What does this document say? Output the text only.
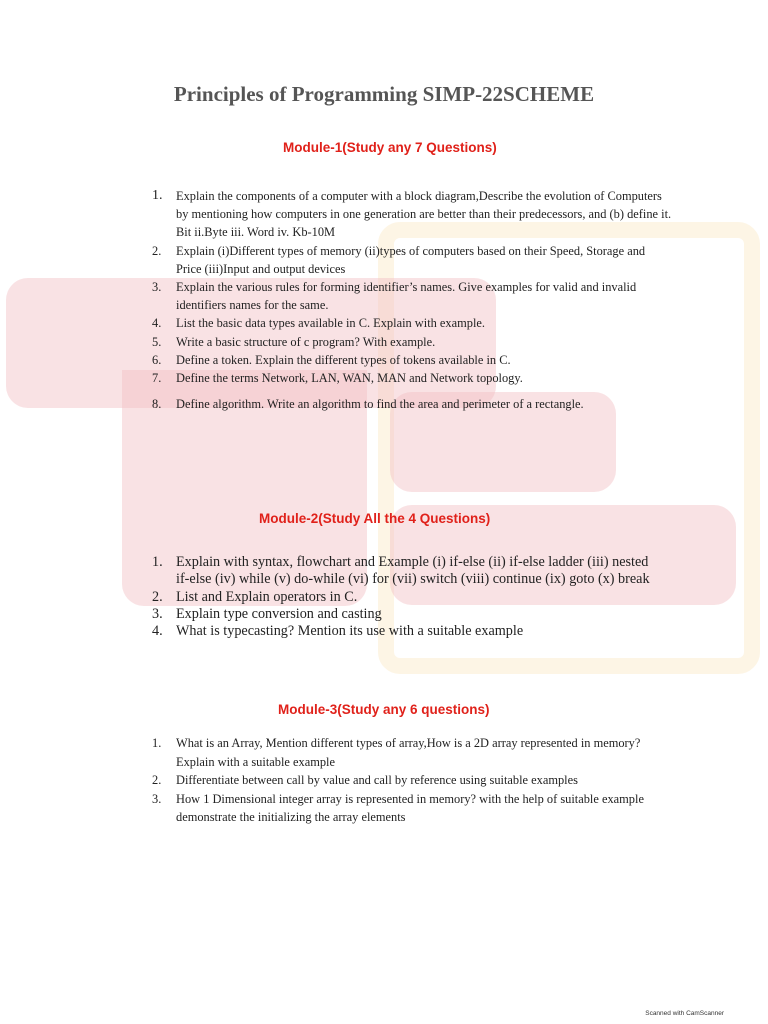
Principles of Programming SIMP-22SCHEME
Module-1(Study any 7 Questions)
1. Explain the components of a computer with a block diagram,Describe the evolution of Computers by mentioning how computers in one generation are better than their predecessors, and (b) define it. Bit ii.Byte iii. Word iv. Kb-10M
2. Explain (i)Different types of memory (ii)types of computers based on their Speed, Storage and Price (iii)Input and output devices
3. Explain the various rules for forming identifier’s names. Give examples for valid and invalid identifiers names for the same.
4. List the basic data types available in C. Explain with example.
5. Write a basic structure of c program? With example.
6. Define a token. Explain the different types of tokens available in C.
7. Define the terms Network, LAN, WAN, MAN and Network topology.
8. Define algorithm. Write an algorithm to find the area and perimeter of a rectangle.
Module-2(Study All the 4 Questions)
1. Explain with syntax, flowchart and Example (i) if-else (ii) if-else ladder (iii) nested if-else (iv) while (v) do-while (vi) for (vii) switch (viii) continue (ix) goto (x) break
2. List and Explain operators in C.
3. Explain type conversion and casting
4. What is typecasting? Mention its use with a suitable example
Module-3(Study any 6 questions)
1. What is an Array, Mention different types of array,How is a 2D array represented in memory? Explain with a suitable example
2. Differentiate between call by value and call by reference using suitable examples
3. How 1 Dimensional integer array is represented in memory? with the help of suitable example demonstrate the initializing the array elements
Scanned with CamScanner
